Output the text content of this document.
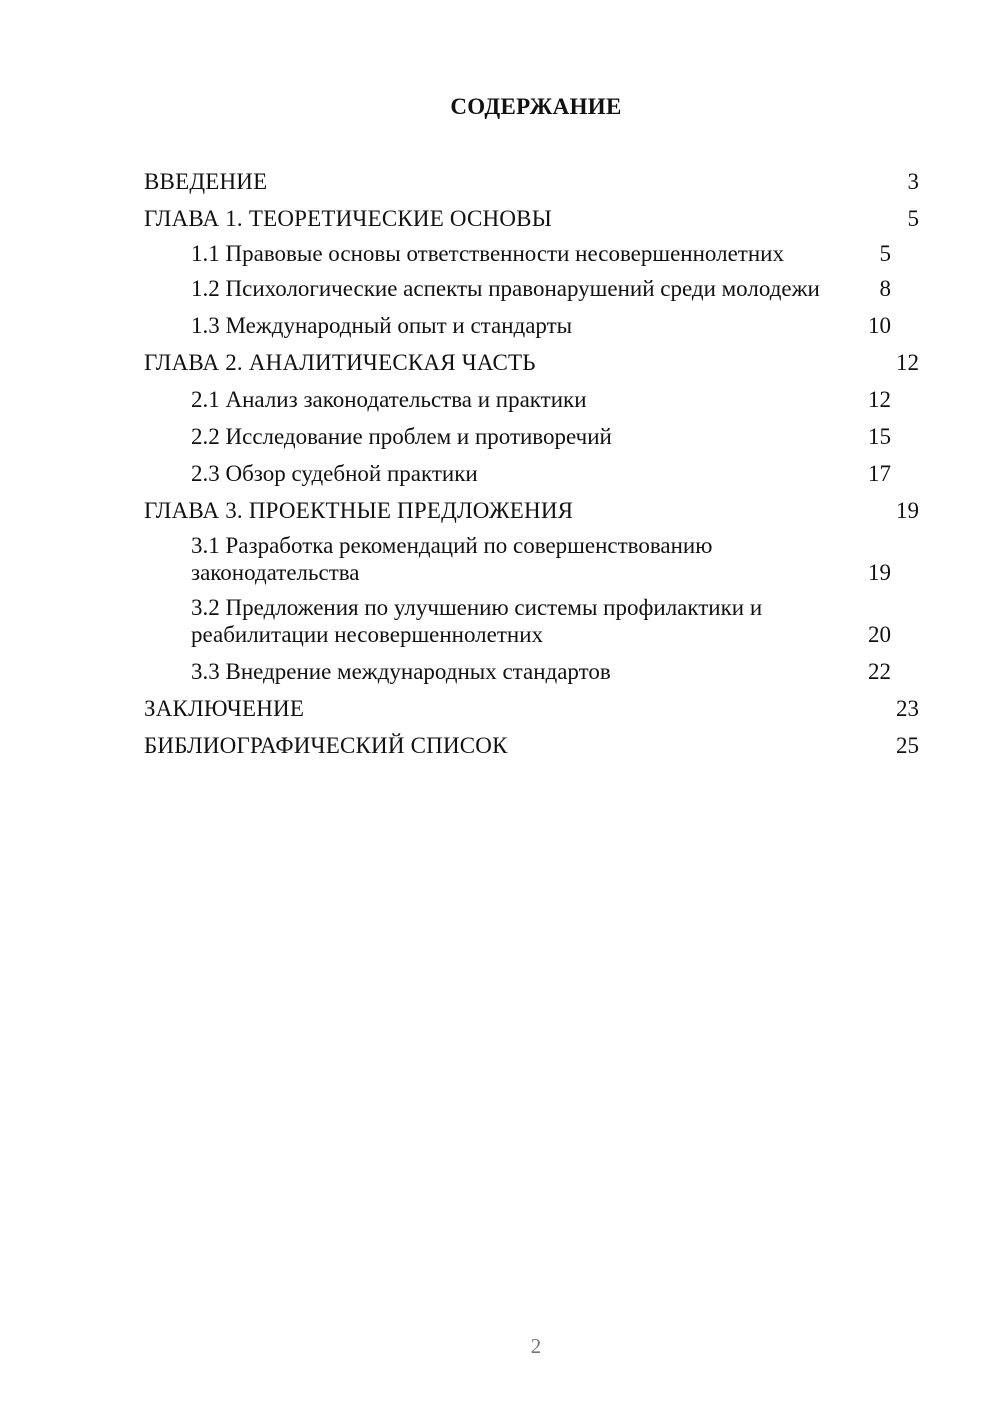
СОДЕРЖАНИЕ
ВВЕДЕНИЕ	3
ГЛАВА 1. ТЕОРЕТИЧЕСКИЕ ОСНОВЫ	5
1.1 Правовые основы ответственности несовершеннолетних	5
1.2 Психологические аспекты правонарушений среди молодежи	8
1.3 Международный опыт и стандарты	10
ГЛАВА 2. АНАЛИТИЧЕСКАЯ ЧАСТЬ	12
2.1 Анализ законодательства и практики	12
2.2 Исследование проблем и противоречий	15
2.3 Обзор судебной практики	17
ГЛАВА 3. ПРОЕКТНЫЕ ПРЕДЛОЖЕНИЯ	19
3.1 Разработка рекомендаций по совершенствованию законодательства	19
3.2 Предложения по улучшению системы профилактики и реабилитации несовершеннолетних	20
3.3 Внедрение международных стандартов	22
ЗАКЛЮЧЕНИЕ	23
БИБЛИОГРАФИЧЕСКИЙ СПИСОК	25
2
